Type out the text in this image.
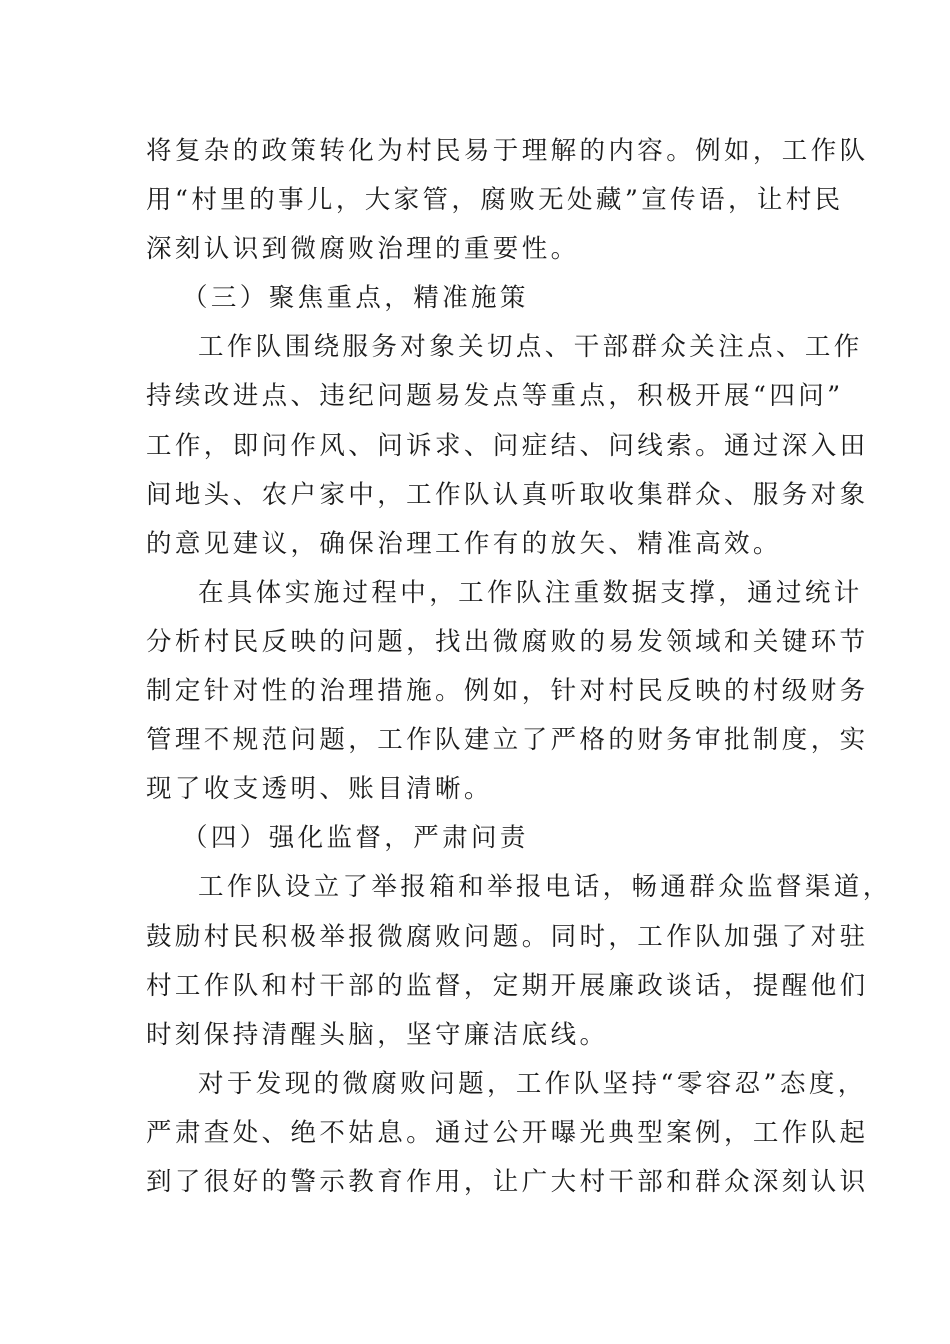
将复杂的政策转化为村民易于理解的内容。例如，工作队
用“村里的事儿，大家管，腐败无处藏”宣传语，让村民
深刻认识到微腐败治理的重要性。
（三）聚焦重点，精准施策
工作队围绕服务对象关切点、干部群众关注点、工作
持续改进点、违纪问题易发点等重点，积极开展“四问”
工作，即问作风、问诉求、问症结、问线索。通过深入田
间地头、农户家中，工作队认真听取收集群众、服务对象
的意见建议，确保治理工作有的放矢、精准高效。
在具体实施过程中，工作队注重数据支撑，通过统计
分析村民反映的问题，找出微腐败的易发领域和关键环节
制定针对性的治理措施。例如，针对村民反映的村级财务
管理不规范问题，工作队建立了严格的财务审批制度，实
现了收支透明、账目清晰。
（四）强化监督，严肃问责
工作队设立了举报箱和举报电话，畅通群众监督渠道，
鼓励村民积极举报微腐败问题。同时，工作队加强了对驻
村工作队和村干部的监督，定期开展廉政谈话，提醒他们
时刻保持清醒头脑，坚守廉洁底线。
对于发现的微腐败问题，工作队坚持“零容忍”态度，
严肃查处、绝不姑息。通过公开曝光典型案例，工作队起
到了很好的警示教育作用，让广大村干部和群众深刻认识
